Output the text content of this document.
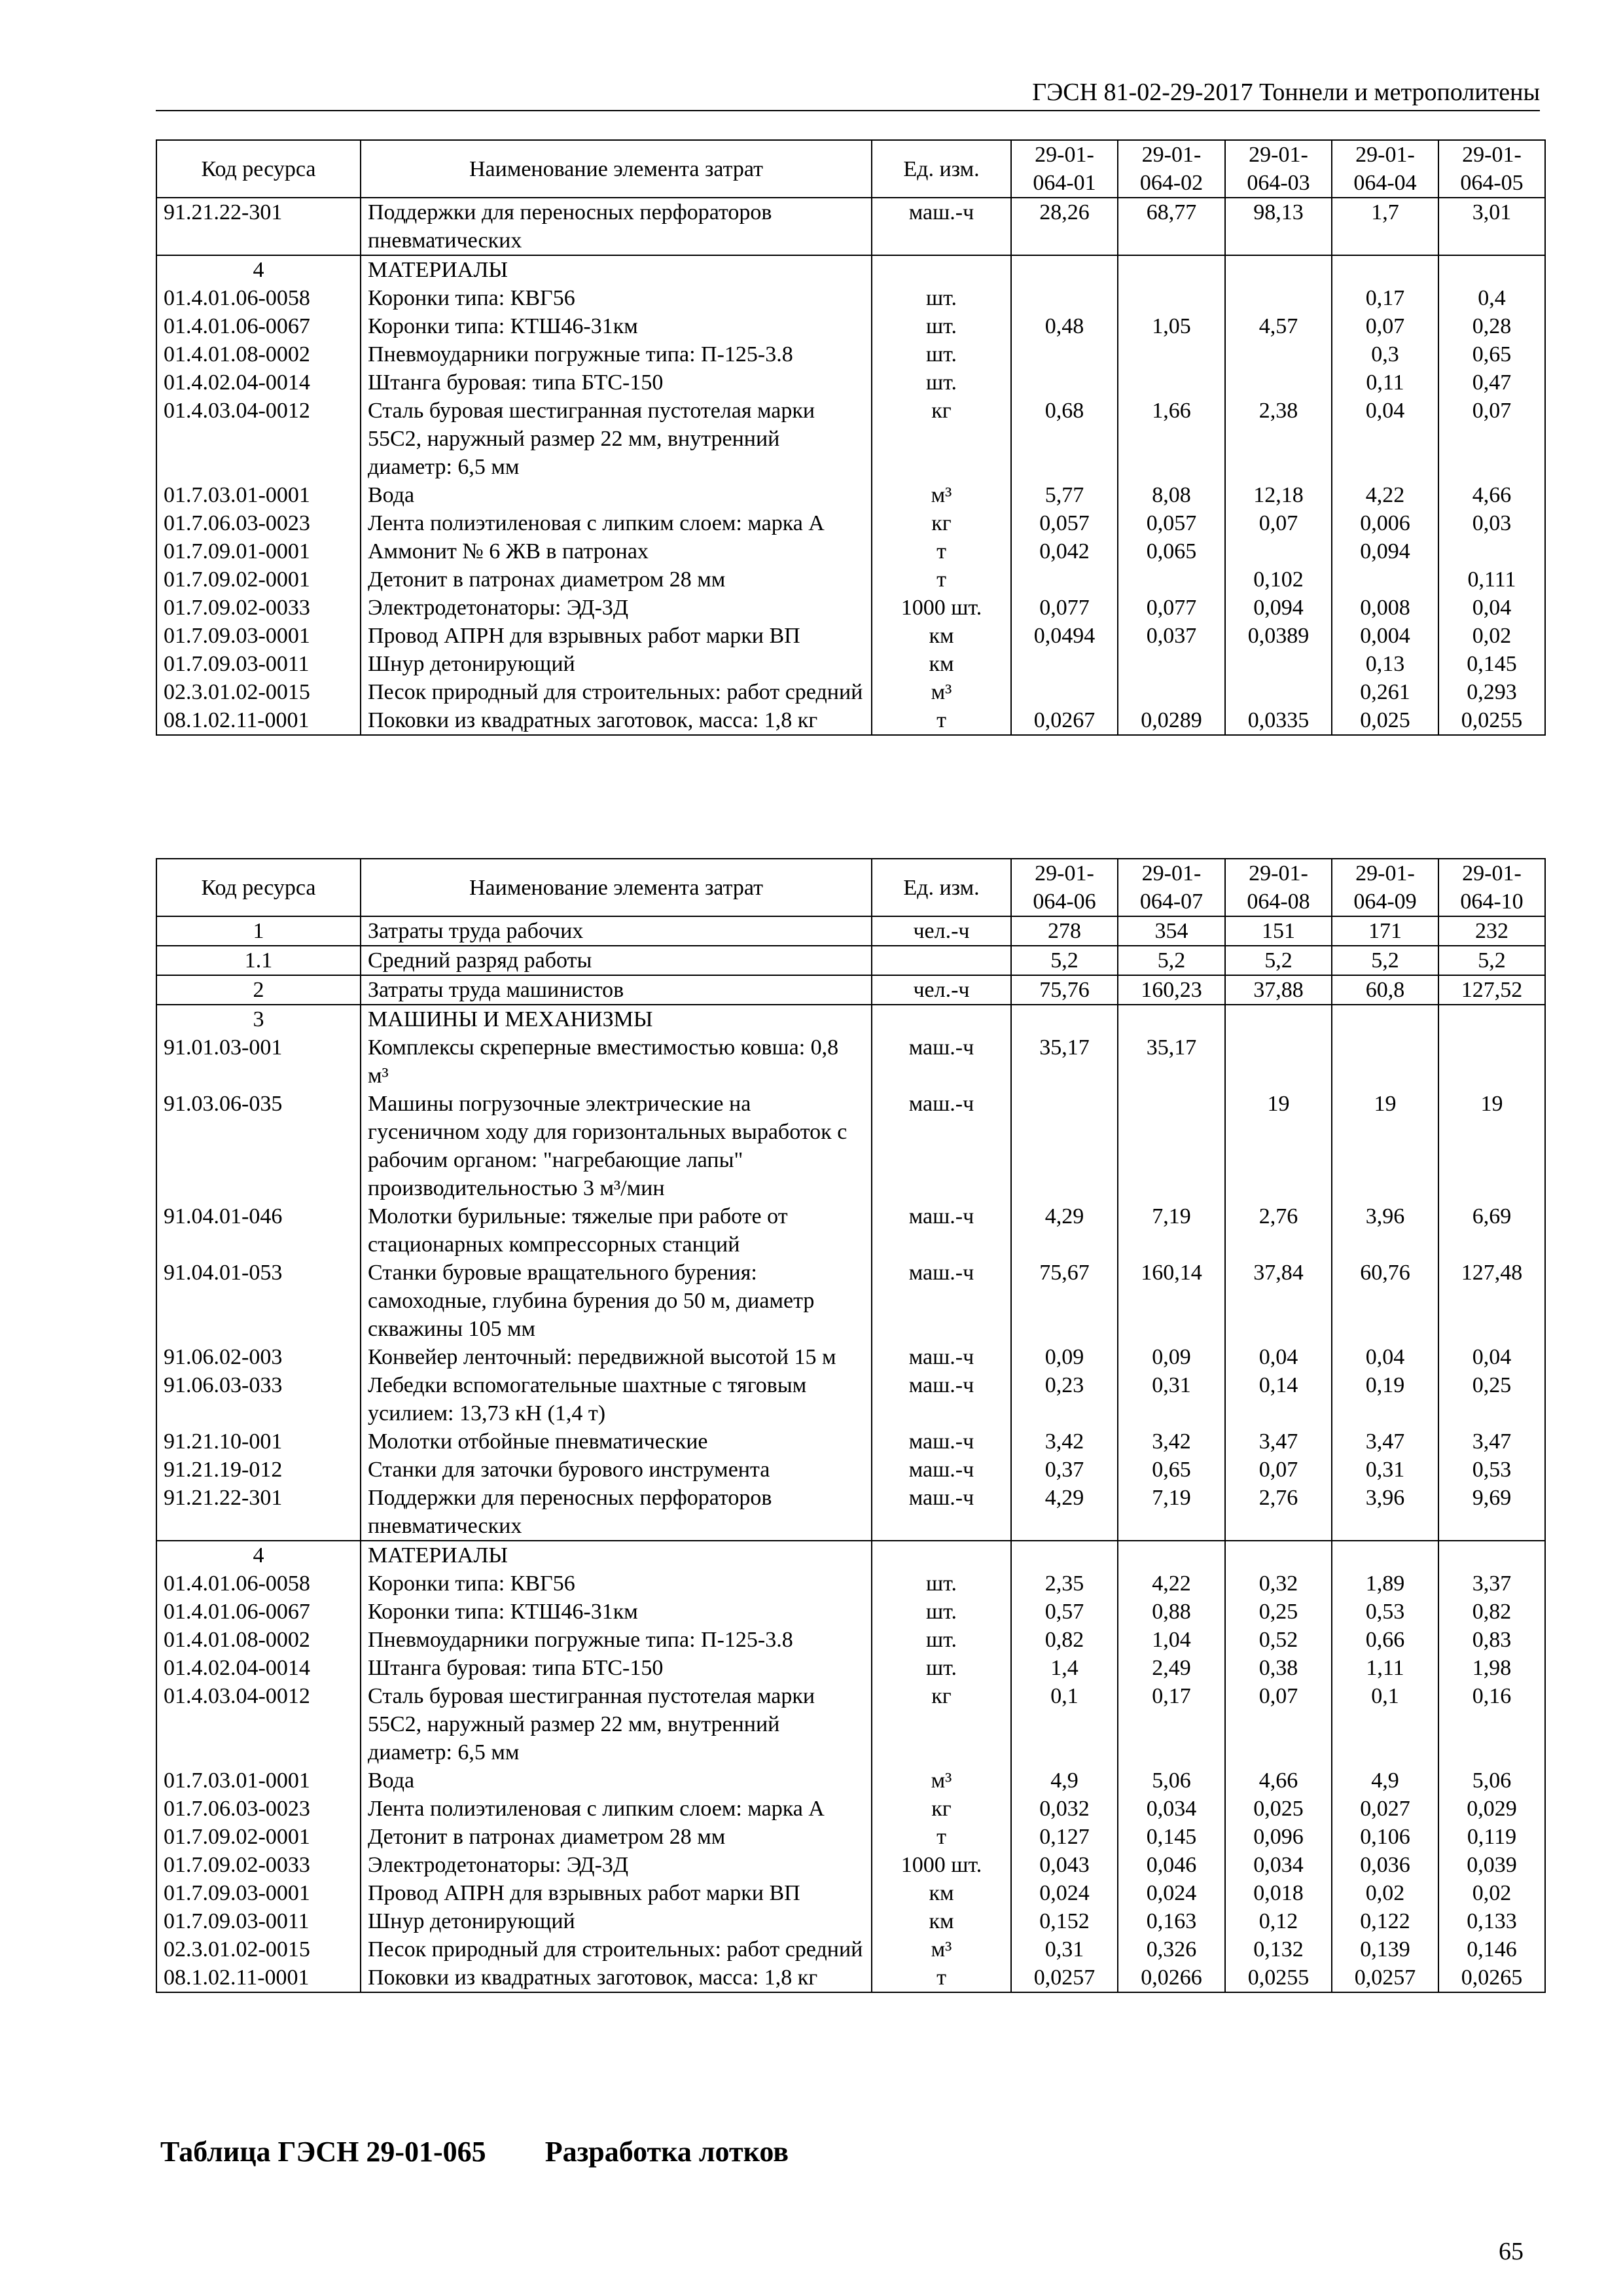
ГЭСН 81-02-29-2017 Тоннели и метрополитены
Код ресурса	Наименование элемента затрат	Ед. изм.	29-01-064-01	29-01-064-02	29-01-064-03	29-01-064-04	29-01-064-05
91.21.22-301	Поддержки для переносных перфораторов пневматических	маш.-ч	28,26	68,77	98,13	1,7	3,01
4	МАТЕРИАЛЫ						
01.4.01.06-0058	Коронки типа: КВГ56	шт.				0,17	0,4
01.4.01.06-0067	Коронки типа: КТШ46-31км	шт.	0,48	1,05	4,57	0,07	0,28
01.4.01.08-0002	Пневмоударники погружные типа: П-125-3.8	шт.				0,3	0,65
01.4.02.04-0014	Штанга буровая: типа БТС-150	шт.				0,11	0,47
01.4.03.04-0012	Сталь буровая шестигранная пустотелая марки 55С2, наружный размер 22 мм, внутренний диаметр: 6,5 мм	кг	0,68	1,66	2,38	0,04	0,07
01.7.03.01-0001	Вода	м³	5,77	8,08	12,18	4,22	4,66
01.7.06.03-0023	Лента полиэтиленовая с липким слоем: марка А	кг	0,057	0,057	0,07	0,006	0,03
01.7.09.01-0001	Аммонит № 6 ЖВ в патронах	т	0,042	0,065		0,094	
01.7.09.02-0001	Детонит в патронах диаметром 28 мм	т			0,102		0,111
01.7.09.02-0033	Электродетонаторы: ЭД-3Д	1000 шт.	0,077	0,077	0,094	0,008	0,04
01.7.09.03-0001	Провод АПРН для взрывных работ марки ВП	км	0,0494	0,037	0,0389	0,004	0,02
01.7.09.03-0011	Шнур детонирующий	км				0,13	0,145
02.3.01.02-0015	Песок природный для строительных: работ средний	м³				0,261	0,293
08.1.02.11-0001	Поковки из квадратных заготовок, масса: 1,8 кг	т	0,0267	0,0289	0,0335	0,025	0,0255
Код ресурса	Наименование элемента затрат	Ед. изм.	29-01-064-06	29-01-064-07	29-01-064-08	29-01-064-09	29-01-064-10
1	Затраты труда рабочих	чел.-ч	278	354	151	171	232
1.1	Средний разряд работы		5,2	5,2	5,2	5,2	5,2
2	Затраты труда машинистов	чел.-ч	75,76	160,23	37,88	60,8	127,52
3	МАШИНЫ И МЕХАНИЗМЫ						
91.01.03-001	Комплексы скреперные вместимостью ковша: 0,8 м³	маш.-ч	35,17	35,17			
91.03.06-035	Машины погрузочные электрические на гусеничном ходу для горизонтальных выработок с рабочим органом: "нагребающие лапы" производительностью 3 м³/мин	маш.-ч			19	19	19
91.04.01-046	Молотки бурильные: тяжелые при работе от стационарных компрессорных станций	маш.-ч	4,29	7,19	2,76	3,96	6,69
91.04.01-053	Станки буровые вращательного бурения: самоходные, глубина бурения до 50 м, диаметр скважины 105 мм	маш.-ч	75,67	160,14	37,84	60,76	127,48
91.06.02-003	Конвейер ленточный: передвижной высотой 15 м	маш.-ч	0,09	0,09	0,04	0,04	0,04
91.06.03-033	Лебедки вспомогательные шахтные с тяговым усилием: 13,73 кН (1,4 т)	маш.-ч	0,23	0,31	0,14	0,19	0,25
91.21.10-001	Молотки отбойные пневматические	маш.-ч	3,42	3,42	3,47	3,47	3,47
91.21.19-012	Станки для заточки бурового инструмента	маш.-ч	0,37	0,65	0,07	0,31	0,53
91.21.22-301	Поддержки для переносных перфораторов пневматических	маш.-ч	4,29	7,19	2,76	3,96	9,69
4	МАТЕРИАЛЫ						
01.4.01.06-0058	Коронки типа: КВГ56	шт.	2,35	4,22	0,32	1,89	3,37
01.4.01.06-0067	Коронки типа: КТШ46-31км	шт.	0,57	0,88	0,25	0,53	0,82
01.4.01.08-0002	Пневмоударники погружные типа: П-125-3.8	шт.	0,82	1,04	0,52	0,66	0,83
01.4.02.04-0014	Штанга буровая: типа БТС-150	шт.	1,4	2,49	0,38	1,11	1,98
01.4.03.04-0012	Сталь буровая шестигранная пустотелая марки 55С2, наружный размер 22 мм, внутренний диаметр: 6,5 мм	кг	0,1	0,17	0,07	0,1	0,16
01.7.03.01-0001	Вода	м³	4,9	5,06	4,66	4,9	5,06
01.7.06.03-0023	Лента полиэтиленовая с липким слоем: марка А	кг	0,032	0,034	0,025	0,027	0,029
01.7.09.02-0001	Детонит в патронах диаметром 28 мм	т	0,127	0,145	0,096	0,106	0,119
01.7.09.02-0033	Электродетонаторы: ЭД-3Д	1000 шт.	0,043	0,046	0,034	0,036	0,039
01.7.09.03-0001	Провод АПРН для взрывных работ марки ВП	км	0,024	0,024	0,018	0,02	0,02
01.7.09.03-0011	Шнур детонирующий	км	0,152	0,163	0,12	0,122	0,133
02.3.01.02-0015	Песок природный для строительных: работ средний	м³	0,31	0,326	0,132	0,139	0,146
08.1.02.11-0001	Поковки из квадратных заготовок, масса: 1,8 кг	т	0,0257	0,0266	0,0255	0,0257	0,0265
Таблица ГЭСН 29-01-065 Разработка лотков
65
